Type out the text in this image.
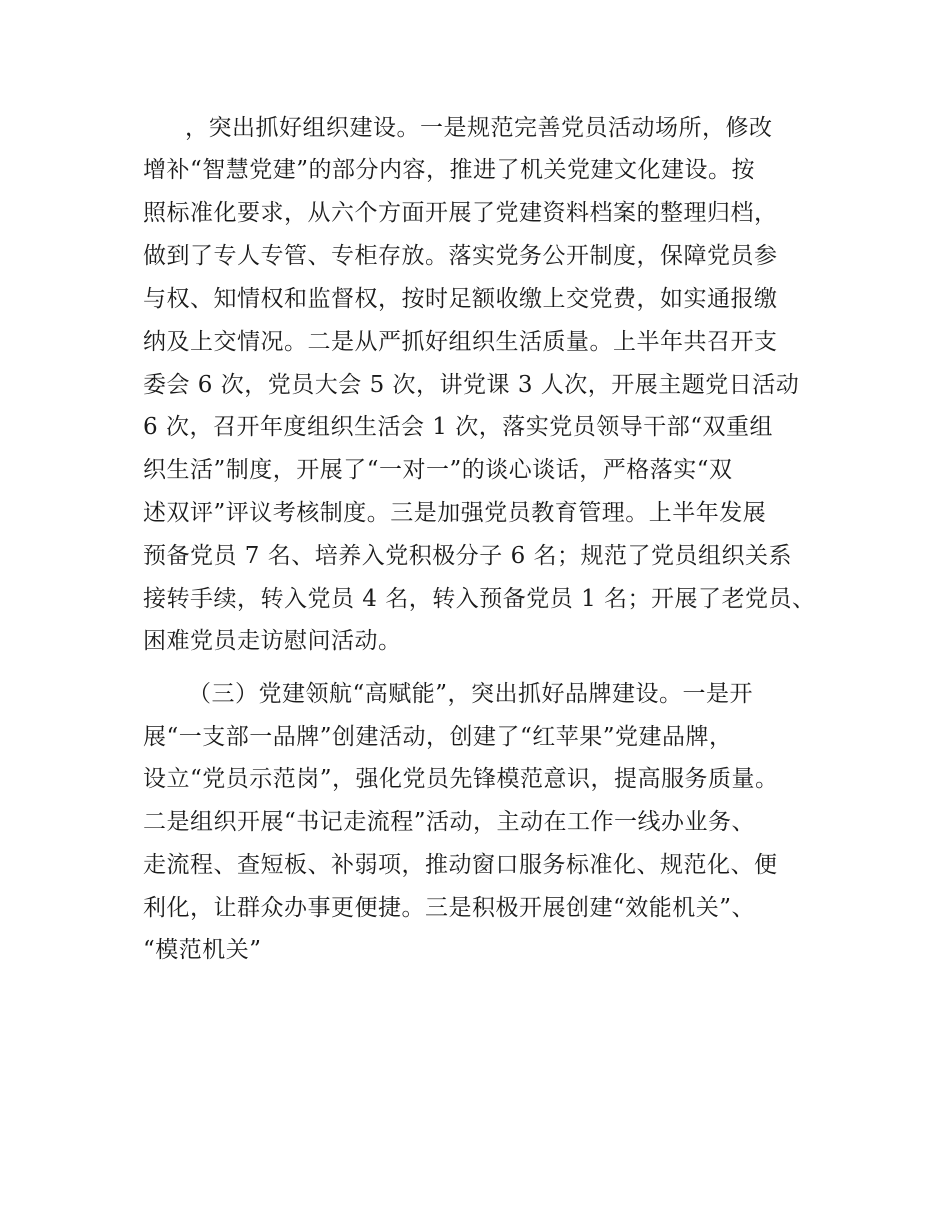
，突出抓好组织建设。一是规范完善党员活动场所，修改

增补“智慧党建”的部分内容，推进了机关党建文化建设。按

照标准化要求，从六个方面开展了党建资料档案的整理归档，

做到了专人专管、专柜存放。落实党务公开制度，保障党员参

与权、知情权和监督权，按时足额收缴上交党费，如实通报缴

纳及上交情况。二是从严抓好组织生活质量。上半年共召开支

委会 6 次，党员大会 5 次，讲党课 3 人次，开展主题党日活动

6 次，召开年度组织生活会 1 次，落实党员领导干部“双重组

织生活”制度，开展了“一对一”的谈心谈话，严格落实“双

述双评”评议考核制度。三是加强党员教育管理。上半年发展

预备党员 7 名、培养入党积极分子 6 名；规范了党员组织关系

接转手续，转入党员 4 名，转入预备党员 1 名；开展了老党员、

困难党员走访慰问活动。

（三）党建领航“高赋能”，突出抓好品牌建设。一是开

展“一支部一品牌”创建活动，创建了“红苹果”党建品牌，

设立“党员示范岗”，强化党员先锋模范意识，提高服务质量。

二是组织开展“书记走流程”活动，主动在工作一线办业务、

走流程、查短板、补弱项，推动窗口服务标准化、规范化、便

利化，让群众办事更便捷。三是积极开展创建“效能机关”、

“模范机关”
